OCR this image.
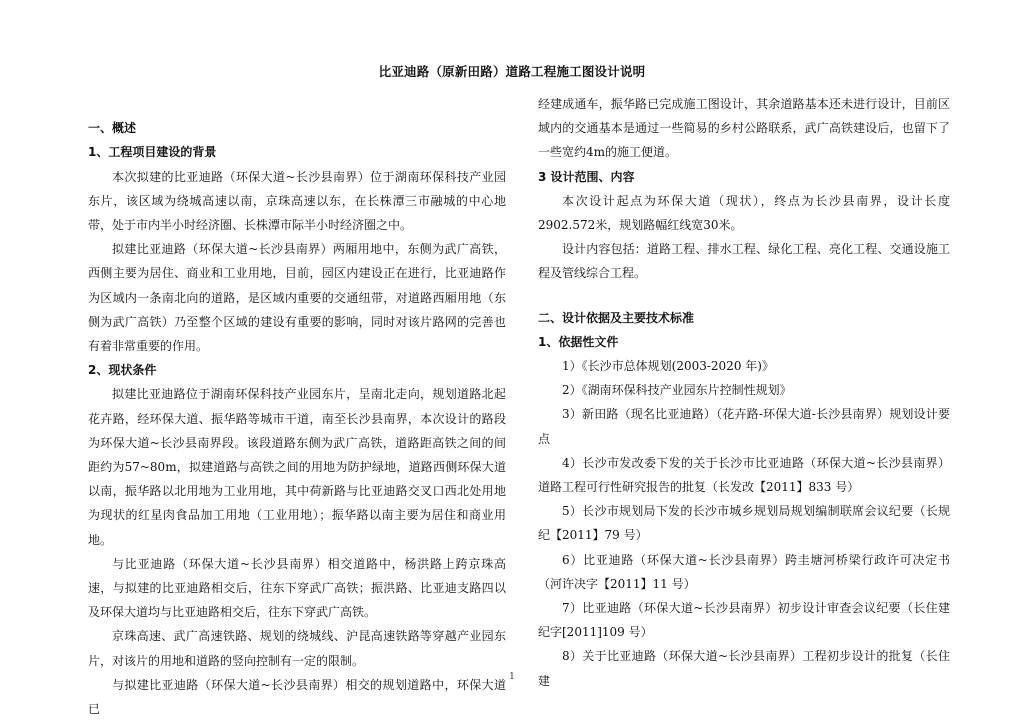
比亚迪路（原新田路）道路工程施工图设计说明

一、概述

1、工程项目建设的背景

本次拟建的比亚迪路（环保大道~长沙县南界）位于湖南环保科技产业园东片，该区域为绕城高速以南，京珠高速以东，在长株潭三市融城的中心地带，处于市内半小时经济圈、长株潭市际半小时经济圈之中。

拟建比亚迪路（环保大道~长沙县南界）两厢用地中，东侧为武广高铁，西侧主要为居住、商业和工业用地，目前，园区内建设正在进行，比亚迪路作为区域内一条南北向的道路，是区域内重要的交通纽带，对道路西厢用地（东侧为武广高铁）乃至整个区域的建设有重要的影响，同时对该片路网的完善也有着非常重要的作用。

2、现状条件

拟建比亚迪路位于湖南环保科技产业园东片，呈南北走向，规划道路北起花卉路，经环保大道、振华路等城市干道，南至长沙县南界，本次设计的路段为环保大道~长沙县南界段。该段道路东侧为武广高铁，道路距高铁之间的间距约为57~80m，拟建道路与高铁之间的用地为防护绿地，道路西侧环保大道以南，振华路以北用地为工业用地，其中荷新路与比亚迪路交叉口西北处用地为现状的红星肉食品加工用地（工业用地）；振华路以南主要为居住和商业用地。

与比亚迪路（环保大道~长沙县南界）相交道路中，杨洪路上跨京珠高速，与拟建的比亚迪路相交后，往东下穿武广高铁；振洪路、比亚迪支路四以及环保大道均与比亚迪路相交后，往东下穿武广高铁。

京珠高速、武广高速铁路、规划的绕城线、沪昆高速铁路等穿越产业园东片，对该片的用地和道路的竖向控制有一定的限制。

与拟建比亚迪路（环保大道~长沙县南界）相交的规划道路中，环保大道已

经建成通车，振华路已完成施工图设计，其余道路基本还未进行设计，目前区域内的交通基本是通过一些简易的乡村公路联系，武广高铁建设后，也留下了一些宽约4m的施工便道。

3 设计范围、内容

本次设计起点为环保大道（现状），终点为长沙县南界，设计长度2902.572米，规划路幅红线宽30米。

设计内容包括：道路工程、排水工程、绿化工程、亮化工程、交通设施工程及管线综合工程。

二、设计依据及主要技术标准

1、依据性文件

1）《长沙市总体规划(2003-2020 年)》

2）《湖南环保科技产业园东片控制性规划》

3）新田路（现名比亚迪路）（花卉路-环保大道-长沙县南界）规划设计要点

4）长沙市发改委下发的关于长沙市比亚迪路（环保大道~长沙县南界）道路工程可行性研究报告的批复（长发改【2011】833 号）

5）长沙市规划局下发的长沙市城乡规划局规划编制联席会议纪要（长规纪【2011】79 号）

6）比亚迪路（环保大道~长沙县南界）跨圭塘河桥梁行政许可决定书（河许决字【2011】11 号）

7）比亚迪路（环保大道~长沙县南界）初步设计审查会议纪要（长住建纪字[2011]109 号）

8）关于比亚迪路（环保大道~长沙县南界）工程初步设计的批复（长住建

1
